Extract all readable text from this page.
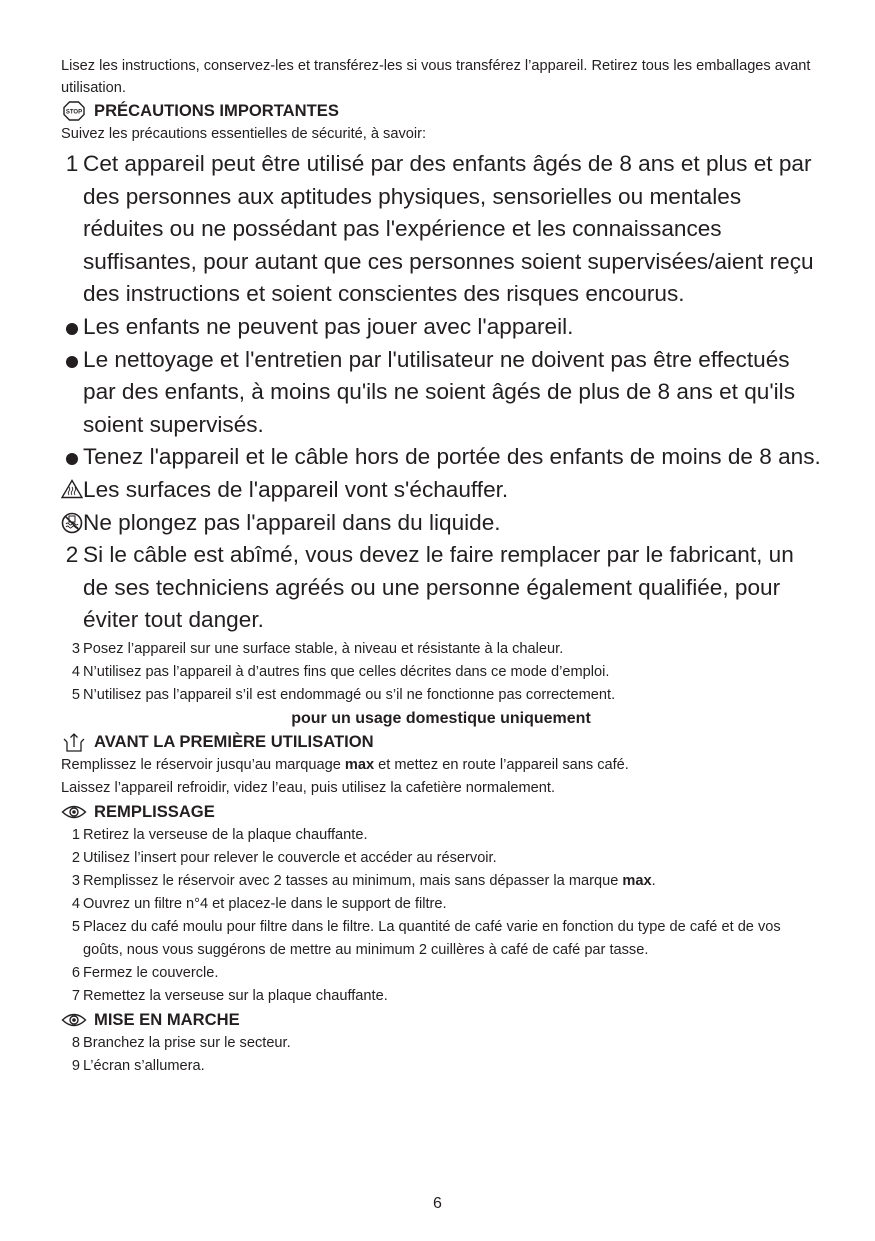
Lisez les instructions, conservez-les et transférez-les si vous transférez l’appareil. Retirez tous les emballages avant utilisation.
STOP PRÉCAUTIONS IMPORTANTES
Suivez les précautions essentielles de sécurité, à savoir:
1 Cet appareil peut être utilisé par des enfants âgés de 8 ans et plus et par des personnes aux aptitudes physiques, sensorielles ou mentales réduites ou ne possédant pas l'expérience et les connaissances suffisantes, pour autant que ces personnes soient supervisées/aient reçu des instructions et soient conscientes des risques encourus.
Les enfants ne peuvent pas jouer avec l'appareil.
Le nettoyage et l'entretien par l'utilisateur ne doivent pas être effectués par des enfants, à moins qu'ils ne soient âgés de plus de 8 ans et qu'ils soient supervisés.
Tenez l'appareil et le câble hors de portée des enfants de moins de 8 ans.
Les surfaces de l'appareil vont s'échauffer.
Ne plongez pas l'appareil dans du liquide.
2 Si le câble est abîmé, vous devez le faire remplacer par le fabricant, un de ses techniciens agréés ou une personne également qualifiée, pour éviter tout danger.
3 Posez l’appareil sur une surface stable, à niveau et résistante à la chaleur.
4 N’utilisez pas l’appareil à d’autres fins que celles décrites dans ce mode d’emploi.
5 N’utilisez pas l’appareil s’il est endommagé ou s’il ne fonctionne pas correctement.
pour un usage domestique uniquement
AVANT LA PREMIÈRE UTILISATION
Remplissez le réservoir jusqu’au marquage max et mettez en route l’appareil sans café.
Laissez l’appareil refroidir, videz l’eau, puis utilisez la cafetière normalement.
REMPLISSAGE
1 Retirez la verseuse de la plaque chauffante.
2 Utilisez l’insert pour relever le couvercle et accéder au réservoir.
3 Remplissez le réservoir avec 2 tasses au minimum, mais sans dépasser la marque max.
4 Ouvrez un filtre n°4 et placez-le dans le support de filtre.
5 Placez du café moulu pour filtre dans le filtre. La quantité de café varie en fonction du type de café et de vos goûts, nous vous suggérons de mettre au minimum 2 cuillères à café de café par tasse.
6 Fermez le couvercle.
7 Remettez la verseuse sur la plaque chauffante.
MISE EN MARCHE
8 Branchez la prise sur le secteur.
9 L’écran s’allumera.
6
